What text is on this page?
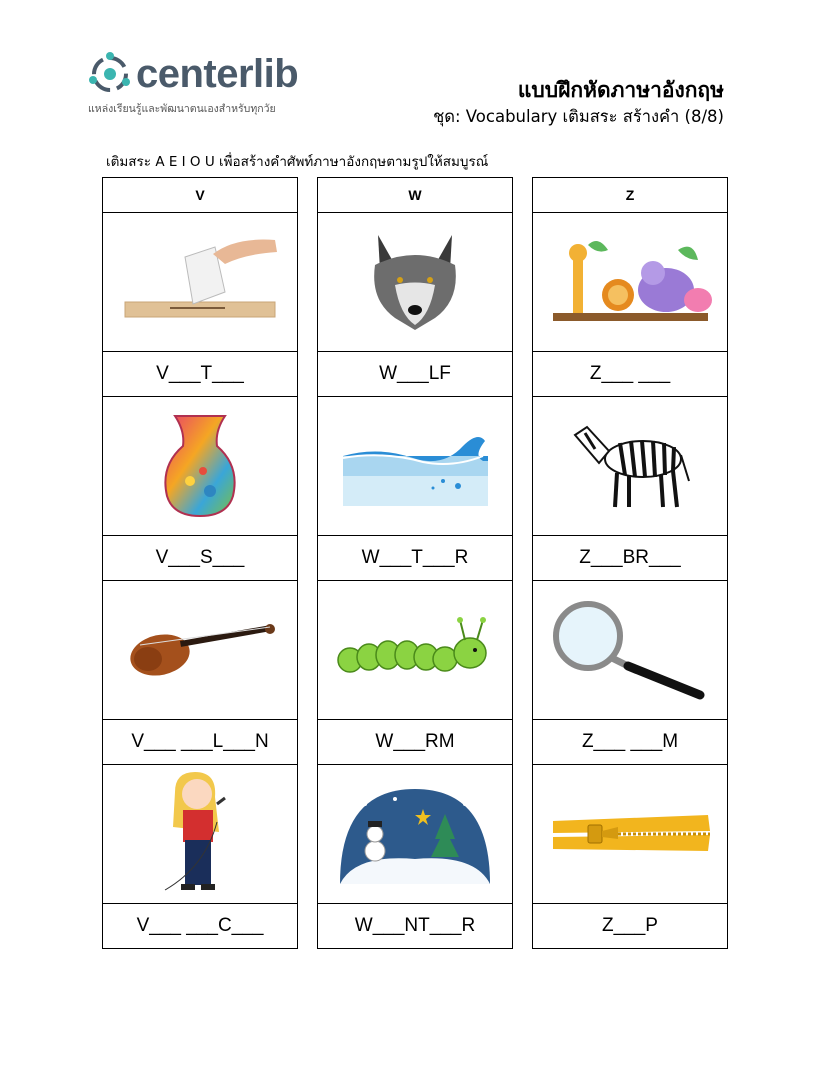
centerlib
แหล่งเรียนรู้และพัฒนาตนเองสำหรับทุกวัย
แบบฝึกหัดภาษาอังกฤษ
ชุด: Vocabulary เติมสระ สร้างคำ (8/8)
เติมสระ A E I O U เพื่อสร้างคำศัพท์ภาษาอังกฤษตามรูปให้สมบูรณ์
V
V___T___
V___S___
V___ ___L___N
V___ ___C___
W
W___LF
W___T___R
W___RM
W___NT___R
Z
Z___ ___
Z___BR___
Z___ ___M
Z___P
